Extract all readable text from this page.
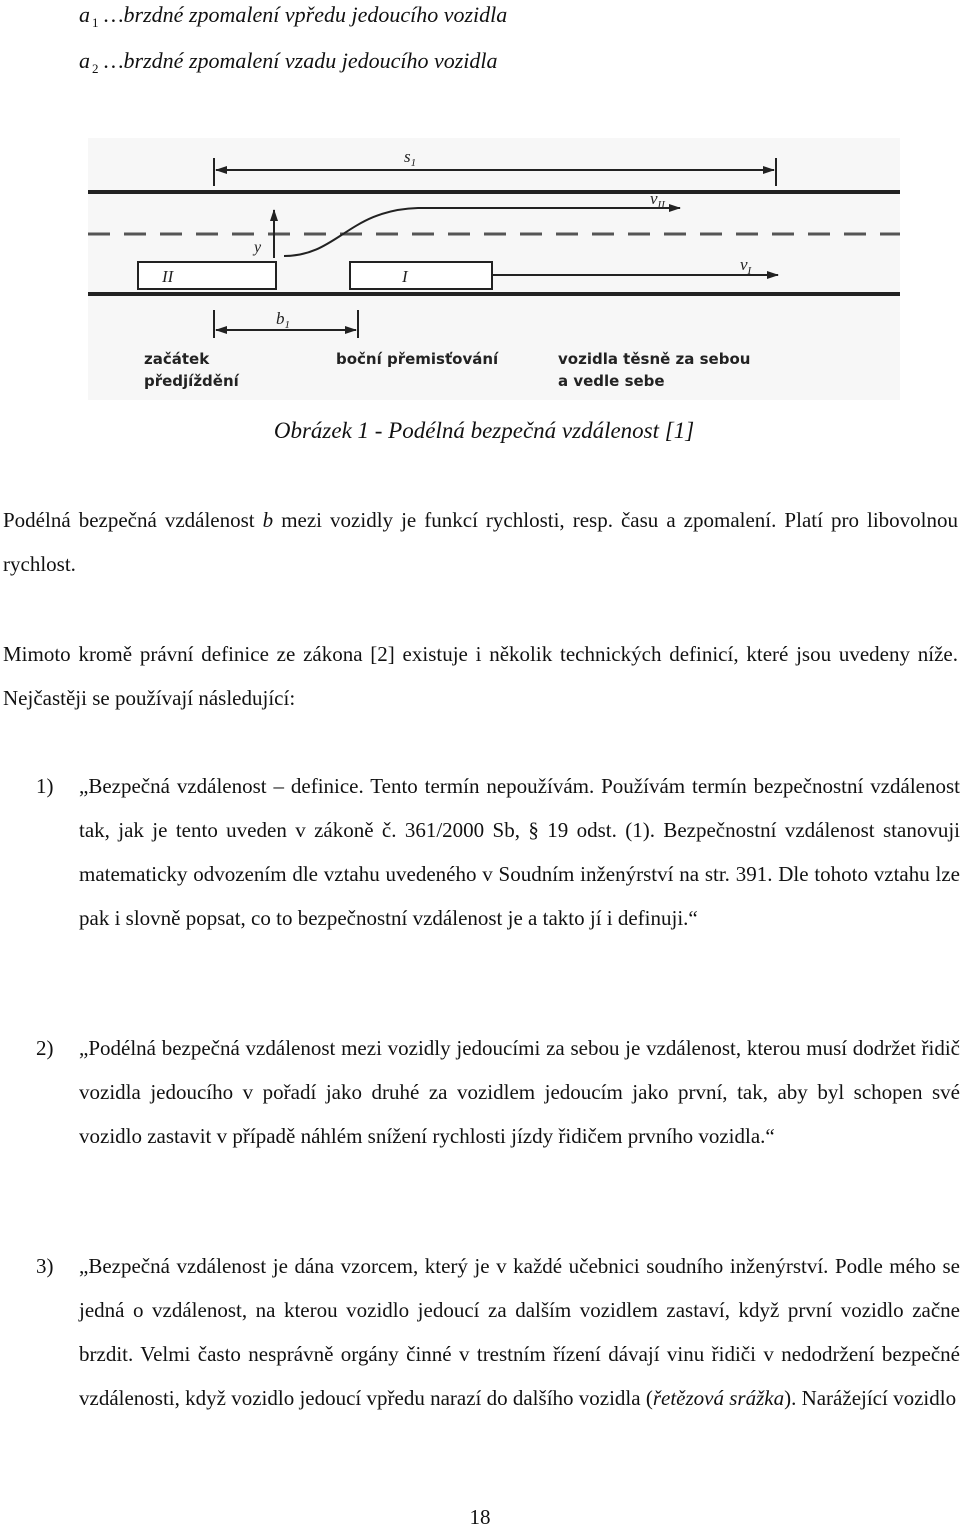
a $_1$ …brzdné zpomalení vpředu jedoucího vozidla
a $_2$ …brzdné zpomalení vzadu jedoucího vozidla
$s_1$
$v_{II}$
y
II	I
$v_I$
$b_1$
začátek
předjíždění
boční přemisťování	vozidla těsně za sebou
a vedle sebe
Obrázek 1 - Podélná bezpečná vzdálenost [1]
Podélná bezpečná vzdálenost b mezi vozidly je funkcí rychlosti, resp. času a zpomalení. Platí pro libovolnou rychlost.
Mimoto kromě právní definice ze zákona [2] existuje i několik technických definicí, které jsou uvedeny níže. Nejčastěji se používají následující:
1) „Bezpečná vzdálenost – definice. Tento termín nepoužívám. Používám termín bezpečnostní vzdálenost tak, jak je tento uveden v zákoně č. 361/2000 Sb, § 19 odst. (1). Bezpečnostní vzdálenost stanovuji matematicky odvozením dle vztahu uvedeného v Soudním inženýrství na str. 391. Dle tohoto vztahu lze pak i slovně popsat, co to bezpečnostní vzdálenost je a takto jí i definuji.“
2) „Podélná bezpečná vzdálenost mezi vozidly jedoucími za sebou je vzdálenost, kterou musí dodržet řidič vozidla jedoucího v pořadí jako druhé za vozidlem jedoucím jako první, tak, aby byl schopen své vozidlo zastavit v případě náhlém snížení rychlosti jízdy řidičem prvního vozidla.“
3) „Bezpečná vzdálenost je dána vzorcem, který je v každé učebnici soudního inženýrství. Podle mého se jedná o vzdálenost, na kterou vozidlo jedoucí za dalším vozidlem zastaví, když první vozidlo začne brzdit. Velmi často nesprávně orgány činné v trestním řízení dávají vinu řidiči v nedodržení bezpečné vzdálenosti, když vozidlo jedoucí vpředu narazí do dalšího vozidla (řetězová srážka). Narážející vozidlo
18
